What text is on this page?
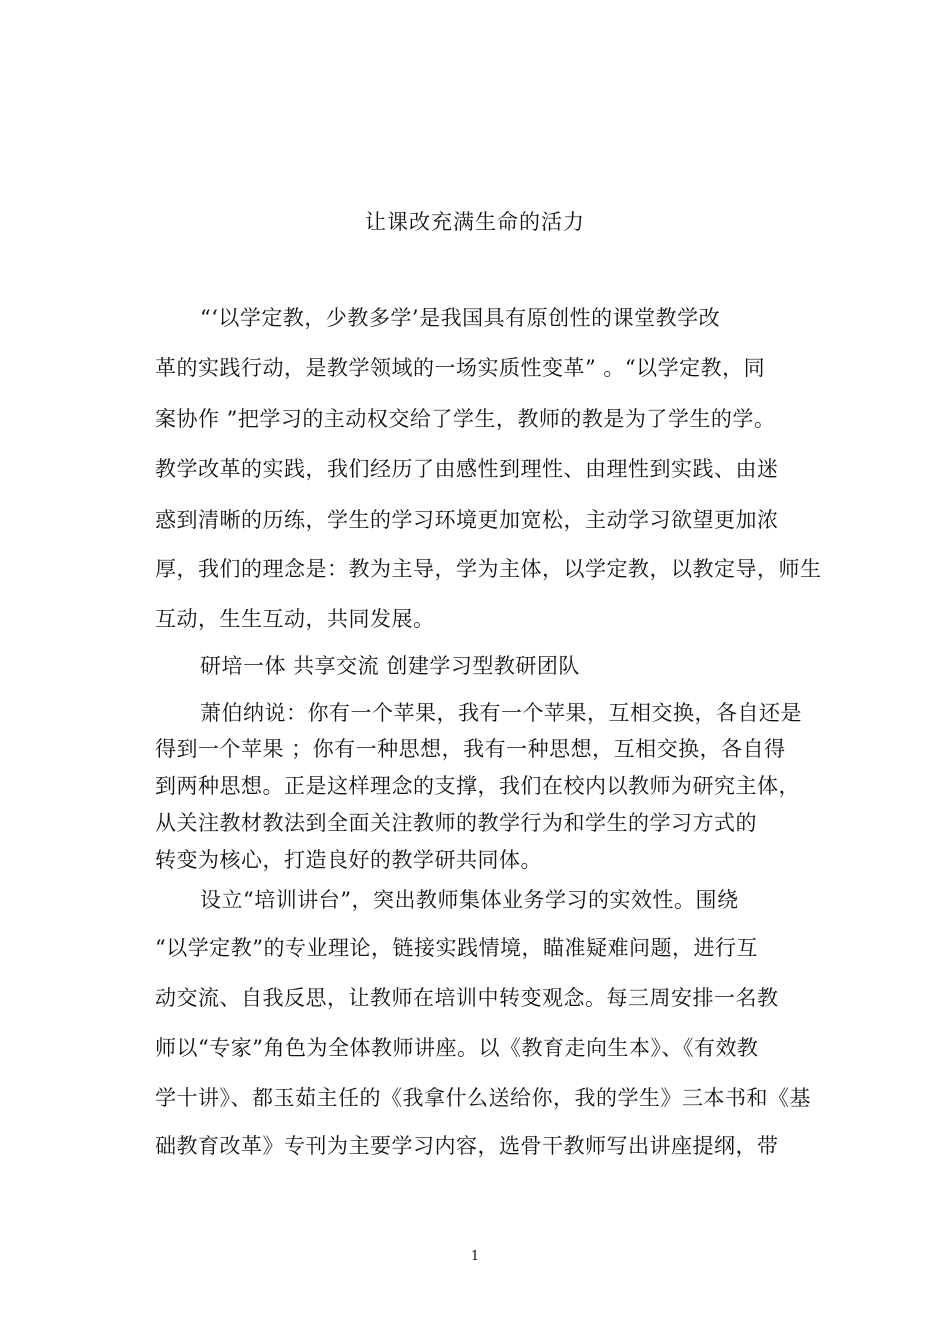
让课改充满生命的活力
“‘以学定教，少教多学’是我国具有原创性的课堂教学改
革的实践行动，是教学领域的一场实质性变革” 。“以学定教，同
案协作 ”把学习的主动权交给了学生，教师的教是为了学生的学。
教学改革的实践，我们经历了由感性到理性、由理性到实践、由迷
惑到清晰的历练，学生的学习环境更加宽松，主动学习欲望更加浓
厚，我们的理念是：教为主导，学为主体，以学定教，以教定导，师生
互动，生生互动，共同发展。
研培一体 共享交流 创建学习型教研团队
萧伯纳说：你有一个苹果，我有一个苹果，互相交换，各自还是
得到一个苹果 ；你有一种思想，我有一种思想，互相交换，各自得
到两种思想。正是这样理念的支撑，我们在校内以教师为研究主体，
从关注教材教法到全面关注教师的教学行为和学生的学习方式的
转变为核心，打造良好的教学研共同体。
设立“培训讲台”，突出教师集体业务学习的实效性。围绕
“以学定教”的专业理论，链接实践情境，瞄准疑难问题，进行互
动交流、自我反思，让教师在培训中转变观念。每三周安排一名教
师以“专家”角色为全体教师讲座。以《教育走向生本》、《有效教
学十讲》、都玉茹主任的《我拿什么送给你，我的学生》三本书和《基
础教育改革》专刊为主要学习内容，选骨干教师写出讲座提纲，带
1
